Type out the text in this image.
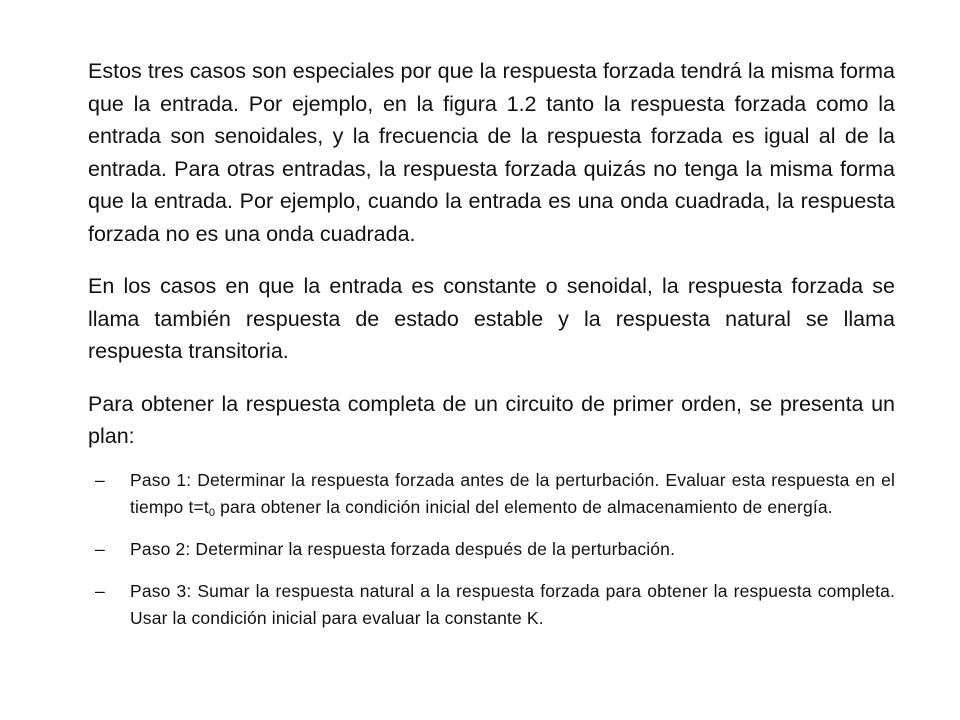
Estos tres casos son especiales por que la respuesta forzada tendrá la misma forma que la entrada. Por ejemplo, en la figura 1.2 tanto la respuesta forzada como la entrada son senoidales, y la frecuencia de la respuesta forzada es igual al de la entrada. Para otras entradas, la respuesta forzada quizás no tenga la misma forma que la entrada. Por ejemplo, cuando la entrada es una onda cuadrada, la respuesta forzada no es una onda cuadrada.

En los casos en que la entrada es constante o senoidal, la respuesta forzada se llama también respuesta de estado estable y la respuesta natural se llama respuesta transitoria.

Para obtener la respuesta completa de un circuito de primer orden, se presenta un plan:

– Paso 1: Determinar la respuesta forzada antes de la perturbación. Evaluar esta respuesta en el tiempo $t=t_0$ para obtener la condición inicial del elemento de almacenamiento de energía.
– Paso 2: Determinar la respuesta forzada después de la perturbación.
– Paso 3: Sumar la respuesta natural a la respuesta forzada para obtener la respuesta completa. Usar la condición inicial para evaluar la constante K.
